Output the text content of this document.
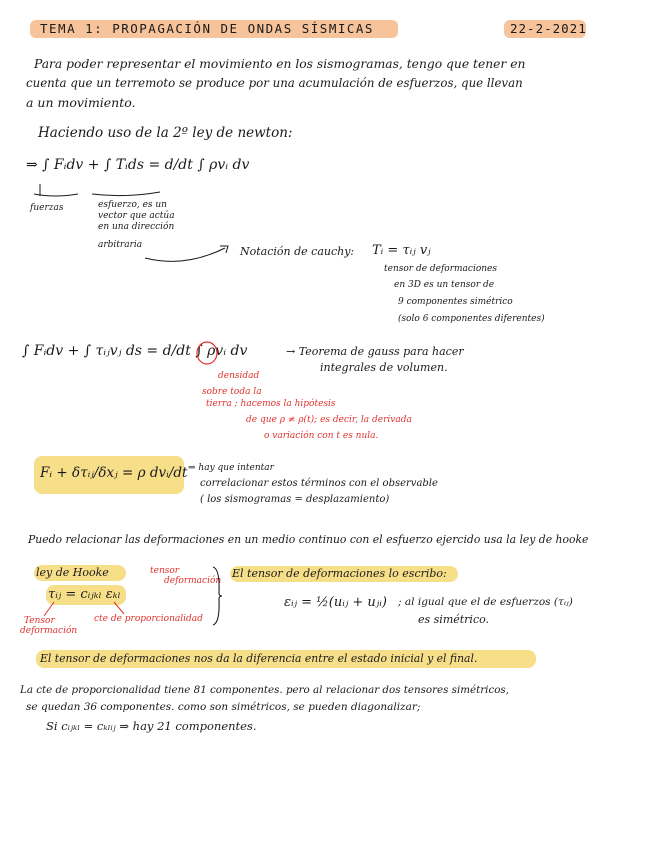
TEMA 1: PROPAGACIÓN DE ONDAS SÍSMICAS	22-2-2021
Para poder representar el movimiento en los sismogramas, tengo que tener en
cuenta que un terremoto se produce por una acumulación de esfuerzos, que llevan
a un movimiento.
Haciendo uso de la 2º ley de newton:
⇒ ∫ Fᵢdv + ∫ Tᵢds = d/dt ∫ ρvᵢ dv
fuerzas	esfuerzo, es un
vector que actúa
en una dirección
arbitraria	Notación de cauchy: Tᵢ = τᵢⱼ vⱼ
tensor de deformaciones
en 3D es un tensor de
9 componentes simétrico
(solo 6 componentes diferentes)
∫ Fᵢdv + ∫ τᵢⱼvⱼ ds = d/dt ∫ ρvᵢ dv	→ Teorema de gauss para hacer
integrales de volumen.
densidad
sobre toda la
tierra ; hacemos la hipótesis
de que ρ ≠ ρ(t); es decir, la derivada
o variación con t es nula.
Fᵢ + δτᵢⱼ/δxⱼ = ρ dvᵢ/dt ⇒ hay que intentar
correlacionar estos términos con el observable
( los sismogramas = desplazamiento)
Puedo relacionar las deformaciones en un medio continuo con el esfuerzo ejercido usa la ley de hooke
ley de Hooke	tensor
deformación
τᵢⱼ = cᵢⱼₖₗ εₖₗ
Tensor
deformación
cte de proporcionalidad
El tensor de deformaciones lo escribo:
εᵢⱼ = ½(uᵢⱼ + uⱼᵢ) ; al igual que el de esfuerzos (τᵢⱼ)
es simétrico.
El tensor de deformaciones nos da la diferencia entre el estado inicial y el final.
La cte de proporcionalidad tiene 81 componentes. pero al relacionar dos tensores simétricos,
se quedan 36 componentes. como son simétricos, se pueden diagonalizar;
Si cᵢⱼₖₗ = cₖₗᵢⱼ ⇒ hay 21 componentes.
